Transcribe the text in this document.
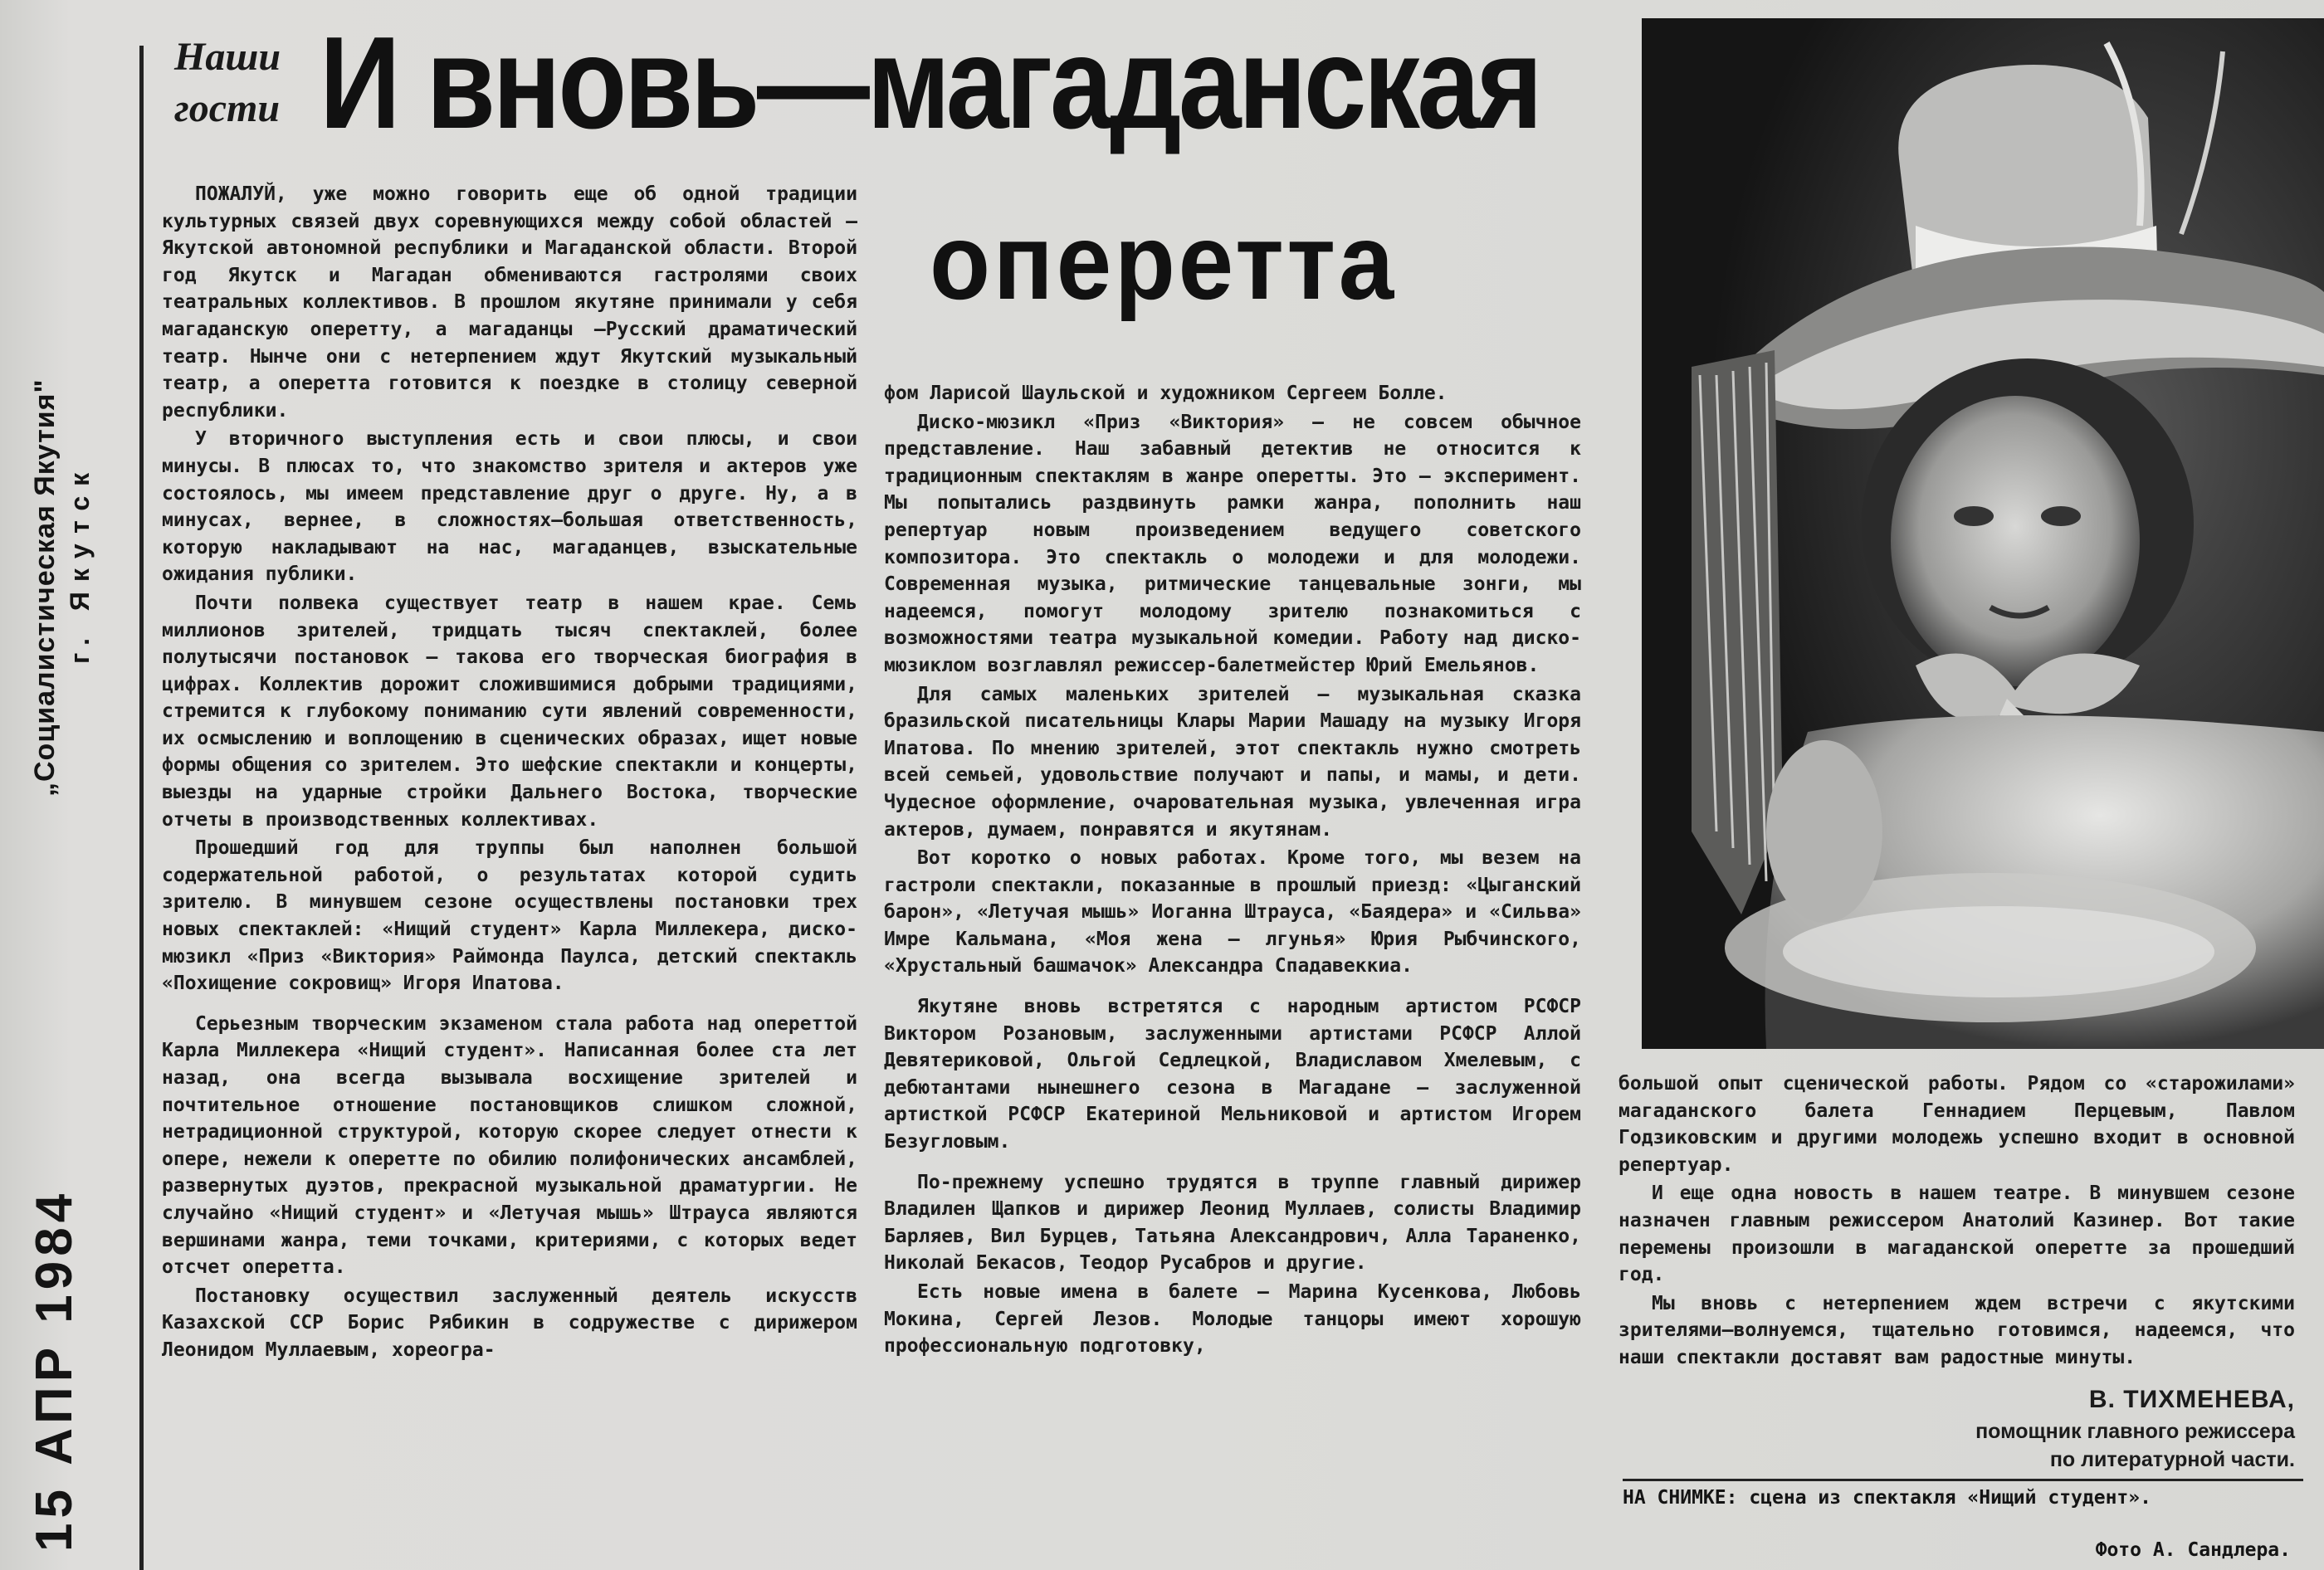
„Социалистическая Якутия" г. Якутск
15 АПР 1984
Наши
гости И вновь—магаданская
оперетта

ПОЖАЛУЙ, уже можно говорить еще об одной традиции культурных связей двух соревнующихся между собой областей — Якутской автономной республики и Магаданской области. Второй год Якутск и Магадан обмениваются гастролями своих театральных коллективов. В прошлом якутяне принимали у себя магаданскую оперетту, а магаданцы —Русский драматический театр. Нынче они с нетерпением ждут Якутский музыкальный театр, а оперетта готовится к поездке в столицу северной республики.

У вторичного выступления есть и свои плюсы, и свои минусы. В плюсах то, что знакомство зрителя и актеров уже состоялось, мы имеем представление друг о друге. Ну, а в минусах, вернее, в сложностях—большая ответственность, которую накладывают на нас, магаданцев, взыскательные ожидания публики.

Почти полвека существует театр в нашем крае. Семь миллионов зрителей, тридцать тысяч спектаклей, более полутысячи постановок — такова его творческая биография в цифрах. Коллектив дорожит сложившимися добрыми традициями, стремится к глубокому пониманию сути явлений современности, их осмыслению и воплощению в сценических образах, ищет новые формы общения со зрителем. Это шефские спектакли и концерты, выезды на ударные стройки Дальнего Востока, творческие отчеты в производственных коллективах.

Прошедший год для труппы был наполнен большой содержательной работой, о результатах которой судить зрителю. В минувшем сезоне осуществлены постановки трех новых спектаклей: «Нищий студент» Карла Миллекера, диско-мюзикл «Приз «Виктория» Раймонда Паулса, детский спектакль «Похищение сокровищ» Игоря Ипатова.

Серьезным творческим экзаменом стала работа над опереттой Карла Миллекера «Нищий студент». Написанная более ста лет назад, она всегда вызывала восхищение зрителей и почтительное отношение постановщиков слишком сложной, нетрадиционной структурой, которую скорее следует отнести к опере, нежели к оперетте по обилию полифонических ансамблей, развернутых дуэтов, прекрасной музыкальной драматургии. Не случайно «Нищий студент» и «Летучая мышь» Штрауса являются вершинами жанра, теми точками, критериями, с которых ведет отсчет оперетта.

Постановку осуществил заслуженный деятель искусств Казахской ССР Борис Рябикин в содружестве с дирижером Леонидом Муллаевым, хореогра-

фом Ларисой Шаульской и художником Сергеем Болле.

Диско-мюзикл «Приз «Виктория» — не совсем обычное представление. Наш забавный детектив не относится к традиционным спектаклям в жанре оперетты. Это — эксперимент. Мы попытались раздвинуть рамки жанра, пополнить наш репертуар новым произведением ведущего советского композитора. Это спектакль о молодежи и для молодежи. Современная музыка, ритмические танцевальные зонги, мы надеемся, помогут молодому зрителю познакомиться с возможностями театра музыкальной комедии. Работу над диско-мюзиклом возглавлял режиссер-балетмейстер Юрий Емельянов.

Для самых маленьких зрителей — музыкальная сказка бразильской писательницы Клары Марии Машаду на музыку Игоря Ипатова. По мнению зрителей, этот спектакль нужно смотреть всей семьей, удовольствие получают и папы, и мамы, и дети. Чудесное оформление, очаровательная музыка, увлеченная игра актеров, думаем, понравятся и якутянам.

Вот коротко о новых работах. Кроме того, мы везем на гастроли спектакли, показанные в прошлый приезд: «Цыганский барон», «Летучая мышь» Иоганна Штрауса, «Баядера» и «Сильва» Имре Кальмана, «Моя жена — лгунья» Юрия Рыбчинского, «Хрустальный башмачок» Александра Спадавеккиа.

Якутяне вновь встретятся с народным артистом РСФСР Виктором Розановым, заслуженными артистами РСФСР Аллой Девятериковой, Ольгой Седлецкой, Владиславом Хмелевым, с дебютантами нынешнего сезона в Магадане — заслуженной артисткой РСФСР Екатериной Мельниковой и артистом Игорем Безугловым.

По-прежнему успешно трудятся в труппе главный дирижер Владилен Щапков и дирижер Леонид Муллаев, солисты Владимир Барляев, Вил Бурцев, Татьяна Александрович, Алла Тараненко, Николай Бекасов, Теодор Русабров и другие.

Есть новые имена в балете — Марина Кусенкова, Любовь Мокина, Сергей Лезов. Молодые танцоры имеют хорошую профессиональную подготовку,

большой опыт сценической работы. Рядом со «старожилами» магаданского балета Геннадием Перцевым, Павлом Годзиковским и другими молодежь успешно входит в основной репертуар.

И еще одна новость в нашем театре. В минувшем сезоне назначен главным режиссером Анатолий Казинер. Вот такие перемены произошли в магаданской оперетте за прошедший год.

Мы вновь с нетерпением ждем встречи с якутскими зрителями—волнуемся, тщательно готовимся, надеемся, что наши спектакли доставят вам радостные минуты.

В. ТИХМЕНЕВА,
помощник главного режиссера
по литературной части.
НА СНИМКЕ: сцена из спектакля «Нищий студент».
Фото А. Сандлера.
